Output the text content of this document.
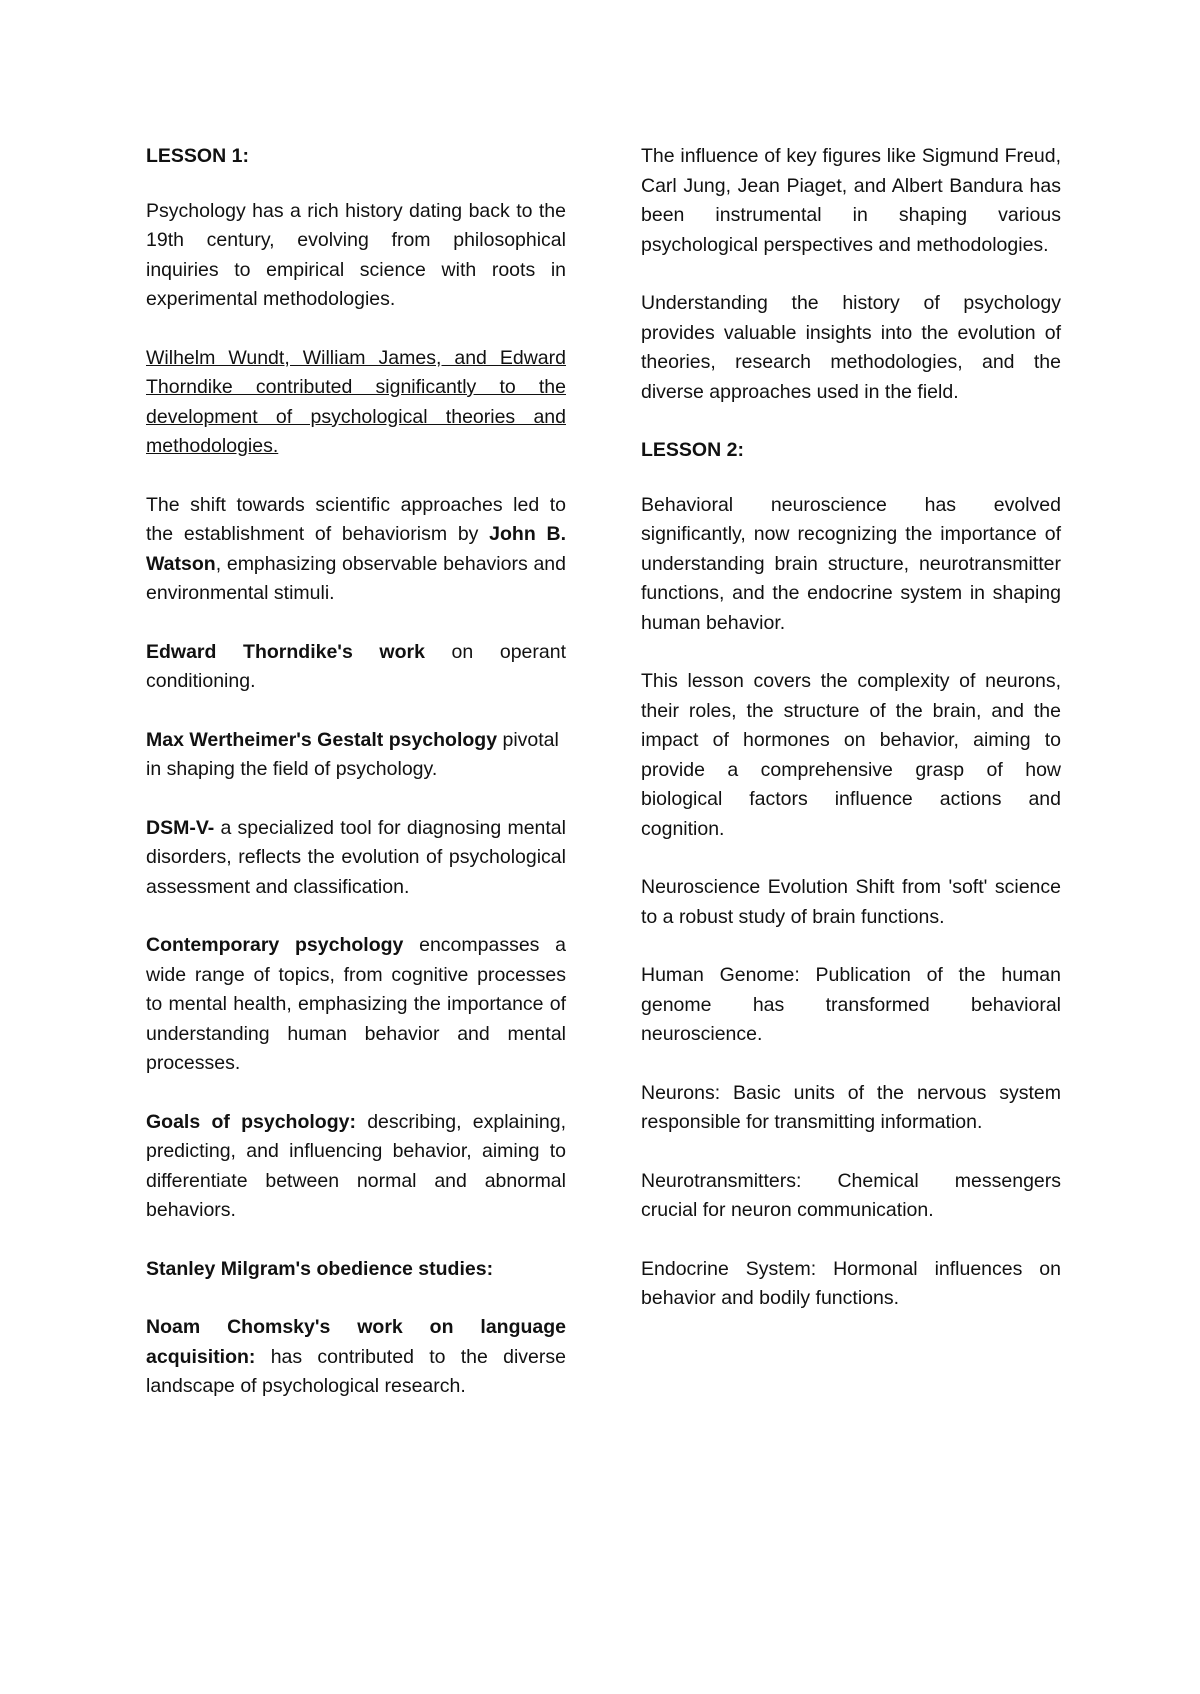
LESSON 1:

Psychology has a rich history dating back to the 19th century, evolving from philosophical inquiries to empirical science with roots in experimental methodologies.

Wilhelm Wundt, William James, and Edward Thorndike contributed significantly to the development of psychological theories and methodologies.

The shift towards scientific approaches led to the establishment of behaviorism by John B. Watson, emphasizing observable behaviors and environmental stimuli.

Edward Thorndike's work on operant conditioning.

Max Wertheimer's Gestalt psychology pivotal in shaping the field of psychology.

DSM-V- a specialized tool for diagnosing mental disorders, reflects the evolution of psychological assessment and classification.

Contemporary psychology encompasses a wide range of topics, from cognitive processes to mental health, emphasizing the importance of understanding human behavior and mental processes.

Goals of psychology: describing, explaining, predicting, and influencing behavior, aiming to differentiate between normal and abnormal behaviors.

Stanley Milgram's obedience studies:

Noam Chomsky's work on language acquisition: has contributed to the diverse landscape of psychological research.

The influence of key figures like Sigmund Freud, Carl Jung, Jean Piaget, and Albert Bandura has been instrumental in shaping various psychological perspectives and methodologies.

Understanding the history of psychology provides valuable insights into the evolution of theories, research methodologies, and the diverse approaches used in the field.

LESSON 2:

Behavioral neuroscience has evolved significantly, now recognizing the importance of understanding brain structure, neurotransmitter functions, and the endocrine system in shaping human behavior.

This lesson covers the complexity of neurons, their roles, the structure of the brain, and the impact of hormones on behavior, aiming to provide a comprehensive grasp of how biological factors influence actions and cognition.

Neuroscience Evolution Shift from 'soft' science to a robust study of brain functions.

Human Genome: Publication of the human genome has transformed behavioral neuroscience.

Neurons: Basic units of the nervous system responsible for transmitting information.

Neurotransmitters: Chemical messengers crucial for neuron communication.

Endocrine System: Hormonal influences on behavior and bodily functions.
